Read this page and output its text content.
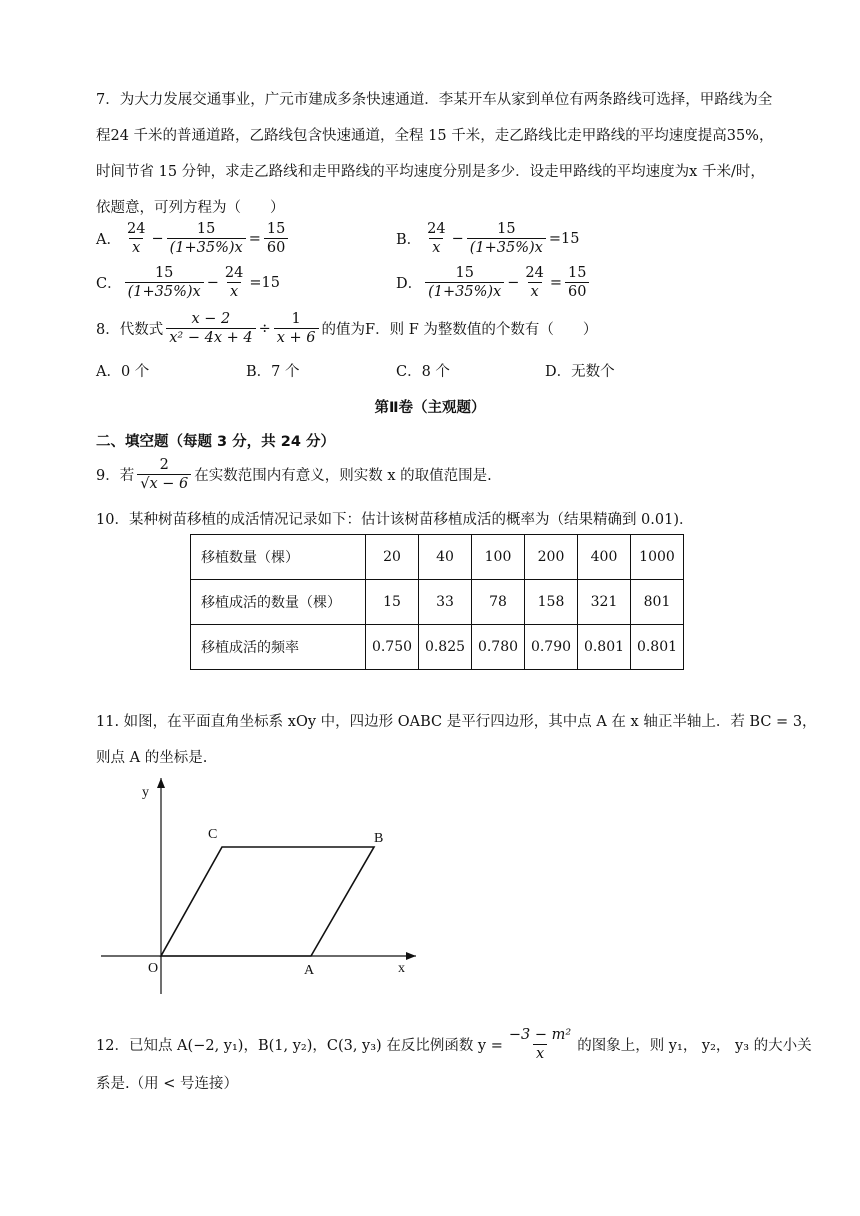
7．为大力发展交通事业，广元市建成多条快速通道．李某开车从家到单位有两条路线可选择，甲路线为全程24 千米的普通道路，乙路线包含快速通道，全程 15 千米，走乙路线比走甲路线的平均速度提高35%，时间节省 15 分钟，求走乙路线和走甲路线的平均速度分别是多少．设走甲路线的平均速度为x 千米/时，依题意，可列方程为（　　）
A． $\frac{24}{x} - \frac{15}{(1+35\%)x} = \frac{15}{60}$	B． $\frac{24}{x} - \frac{15}{(1+35\%)x} =15$
C． $\frac{15}{(1+35\%)x} - \frac{24}{x} =15$	D． $\frac{15}{(1+35\%)x} - \frac{24}{x} = \frac{15}{60}$
8．代数式 $\frac{x - 2}{\text{x² − 4x + 4}} \div \frac{1}{x + 6}$ 的值为F．则 F 为整数值的个数有（　　）
A．0 个	B．7 个	C．8 个	D．无数个
第Ⅱ卷（主观题）
二、填空题（每题 3 分，共 24 分）
9．若 $\frac{2}{√x - 6}$ 在实数范围内有意义，则实数 x 的取值范围是.
10．某种树苗移植的成活情况记录如下：估计该树苗移植成活的概率为（结果精确到 0.01)．
移植数量（棵）	20	40	100	200	400	1000
移植成活的数量（棵）	15	33	78	158	321	801
移植成活的频率	0.750	0.825	0.780	0.790	0.801	0.801
11. 如图，在平面直角坐标系 xOy 中，四边形 OABC 是平行四边形，其中点 A 在 x 轴正半轴上．若 BC = 3，
则点 A 的坐标是.
y
x
O	A
B
C
12．已知点 A(−2, y₁)，B(1, y₂)，C(3, y₃) 在反比例函数 $y = \frac{\text{−3 − m²}}{x}$ 的图象上，则 y₁， y₂， y₃ 的大小关
系是.（用 < 号连接）
